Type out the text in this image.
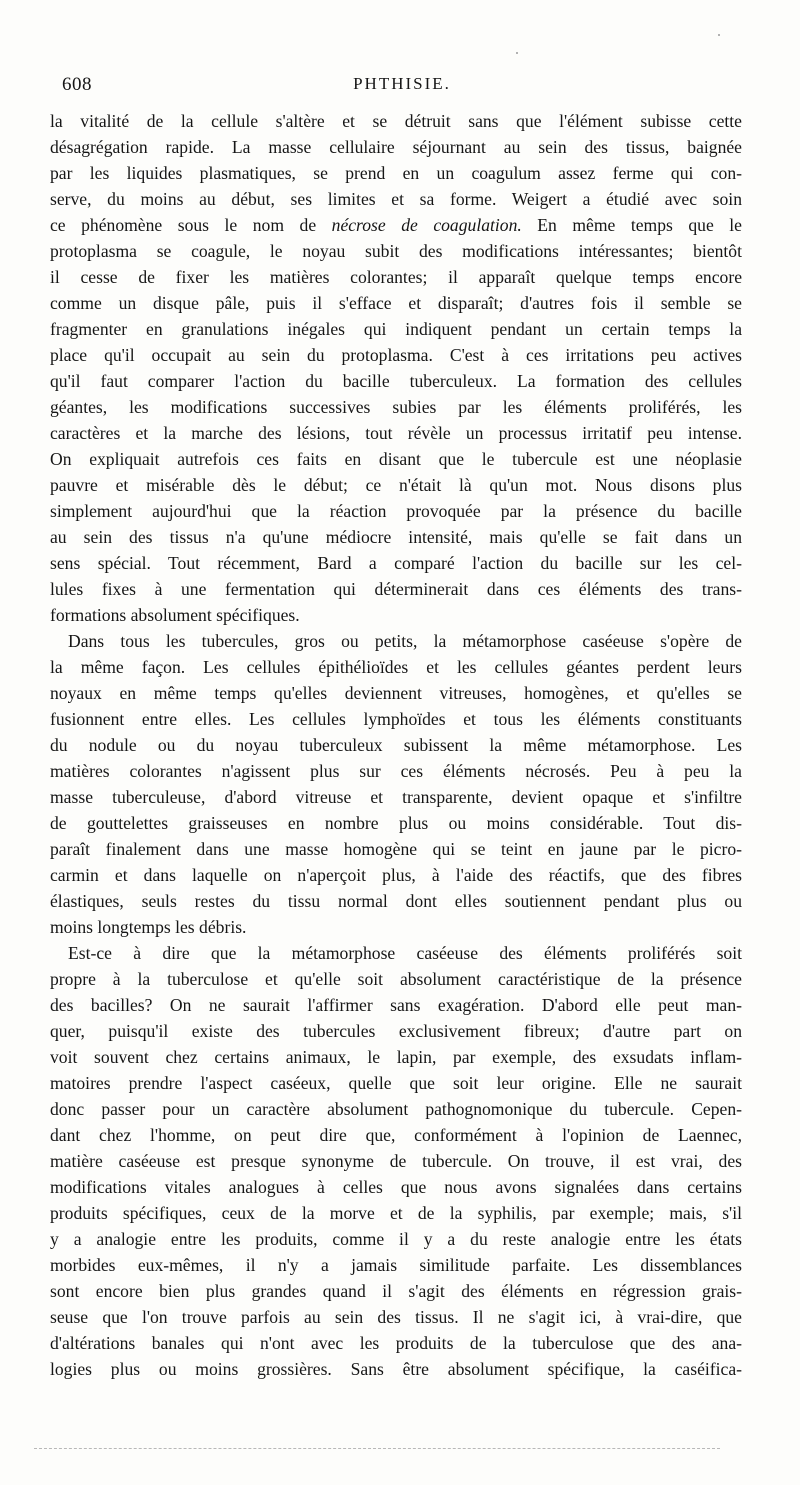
608	PHTHISIE.
la vitalité de la cellule s'altère et se détruit sans que l'élément subisse cette
désagrégation rapide. La masse cellulaire séjournant au sein des tissus, baignée
par les liquides plasmatiques, se prend en un coagulum assez ferme qui con-
serve, du moins au début, ses limites et sa forme. Weigert a étudié avec soin
ce phénomène sous le nom de nécrose de coagulation. En même temps que le
protoplasma se coagule, le noyau subit des modifications intéressantes; bientôt
il cesse de fixer les matières colorantes; il apparaît quelque temps encore
comme un disque pâle, puis il s'efface et disparaît; d'autres fois il semble se
fragmenter en granulations inégales qui indiquent pendant un certain temps la
place qu'il occupait au sein du protoplasma. C'est à ces irritations peu actives
qu'il faut comparer l'action du bacille tuberculeux. La formation des cellules
géantes, les modifications successives subies par les éléments proliférés, les
caractères et la marche des lésions, tout révèle un processus irritatif peu intense.
On expliquait autrefois ces faits en disant que le tubercule est une néoplasie
pauvre et misérable dès le début; ce n'était là qu'un mot. Nous disons plus
simplement aujourd'hui que la réaction provoquée par la présence du bacille
au sein des tissus n'a qu'une médiocre intensité, mais qu'elle se fait dans un
sens spécial. Tout récemment, Bard a comparé l'action du bacille sur les cel-
lules fixes à une fermentation qui déterminerait dans ces éléments des trans-
formations absolument spécifiques.
Dans tous les tubercules, gros ou petits, la métamorphose caséeuse s'opère de
la même façon. Les cellules épithélioïdes et les cellules géantes perdent leurs
noyaux en même temps qu'elles deviennent vitreuses, homogènes, et qu'elles se
fusionnent entre elles. Les cellules lymphoïdes et tous les éléments constituants
du nodule ou du noyau tuberculeux subissent la même métamorphose. Les
matières colorantes n'agissent plus sur ces éléments nécrosés. Peu à peu la
masse tuberculeuse, d'abord vitreuse et transparente, devient opaque et s'infiltre
de gouttelettes graisseuses en nombre plus ou moins considérable. Tout dis-
paraît finalement dans une masse homogène qui se teint en jaune par le picro-
carmin et dans laquelle on n'aperçoit plus, à l'aide des réactifs, que des fibres
élastiques, seuls restes du tissu normal dont elles soutiennent pendant plus ou
moins longtemps les débris.
Est-ce à dire que la métamorphose caséeuse des éléments proliférés soit
propre à la tuberculose et qu'elle soit absolument caractéristique de la présence
des bacilles? On ne saurait l'affirmer sans exagération. D'abord elle peut man-
quer, puisqu'il existe des tubercules exclusivement fibreux; d'autre part on
voit souvent chez certains animaux, le lapin, par exemple, des exsudats inflam-
matoires prendre l'aspect caséeux, quelle que soit leur origine. Elle ne saurait
donc passer pour un caractère absolument pathognomonique du tubercule. Cepen-
dant chez l'homme, on peut dire que, conformément à l'opinion de Laennec,
matière caséeuse est presque synonyme de tubercule. On trouve, il est vrai, des
modifications vitales analogues à celles que nous avons signalées dans certains
produits spécifiques, ceux de la morve et de la syphilis, par exemple; mais, s'il
y a analogie entre les produits, comme il y a du reste analogie entre les états
morbides eux-mêmes, il n'y a jamais similitude parfaite. Les dissemblances
sont encore bien plus grandes quand il s'agit des éléments en régression grais-
seuse que l'on trouve parfois au sein des tissus. Il ne s'agit ici, à vrai-dire, que
d'altérations banales qui n'ont avec les produits de la tuberculose que des ana-
logies plus ou moins grossières. Sans être absolument spécifique, la caséifica-
